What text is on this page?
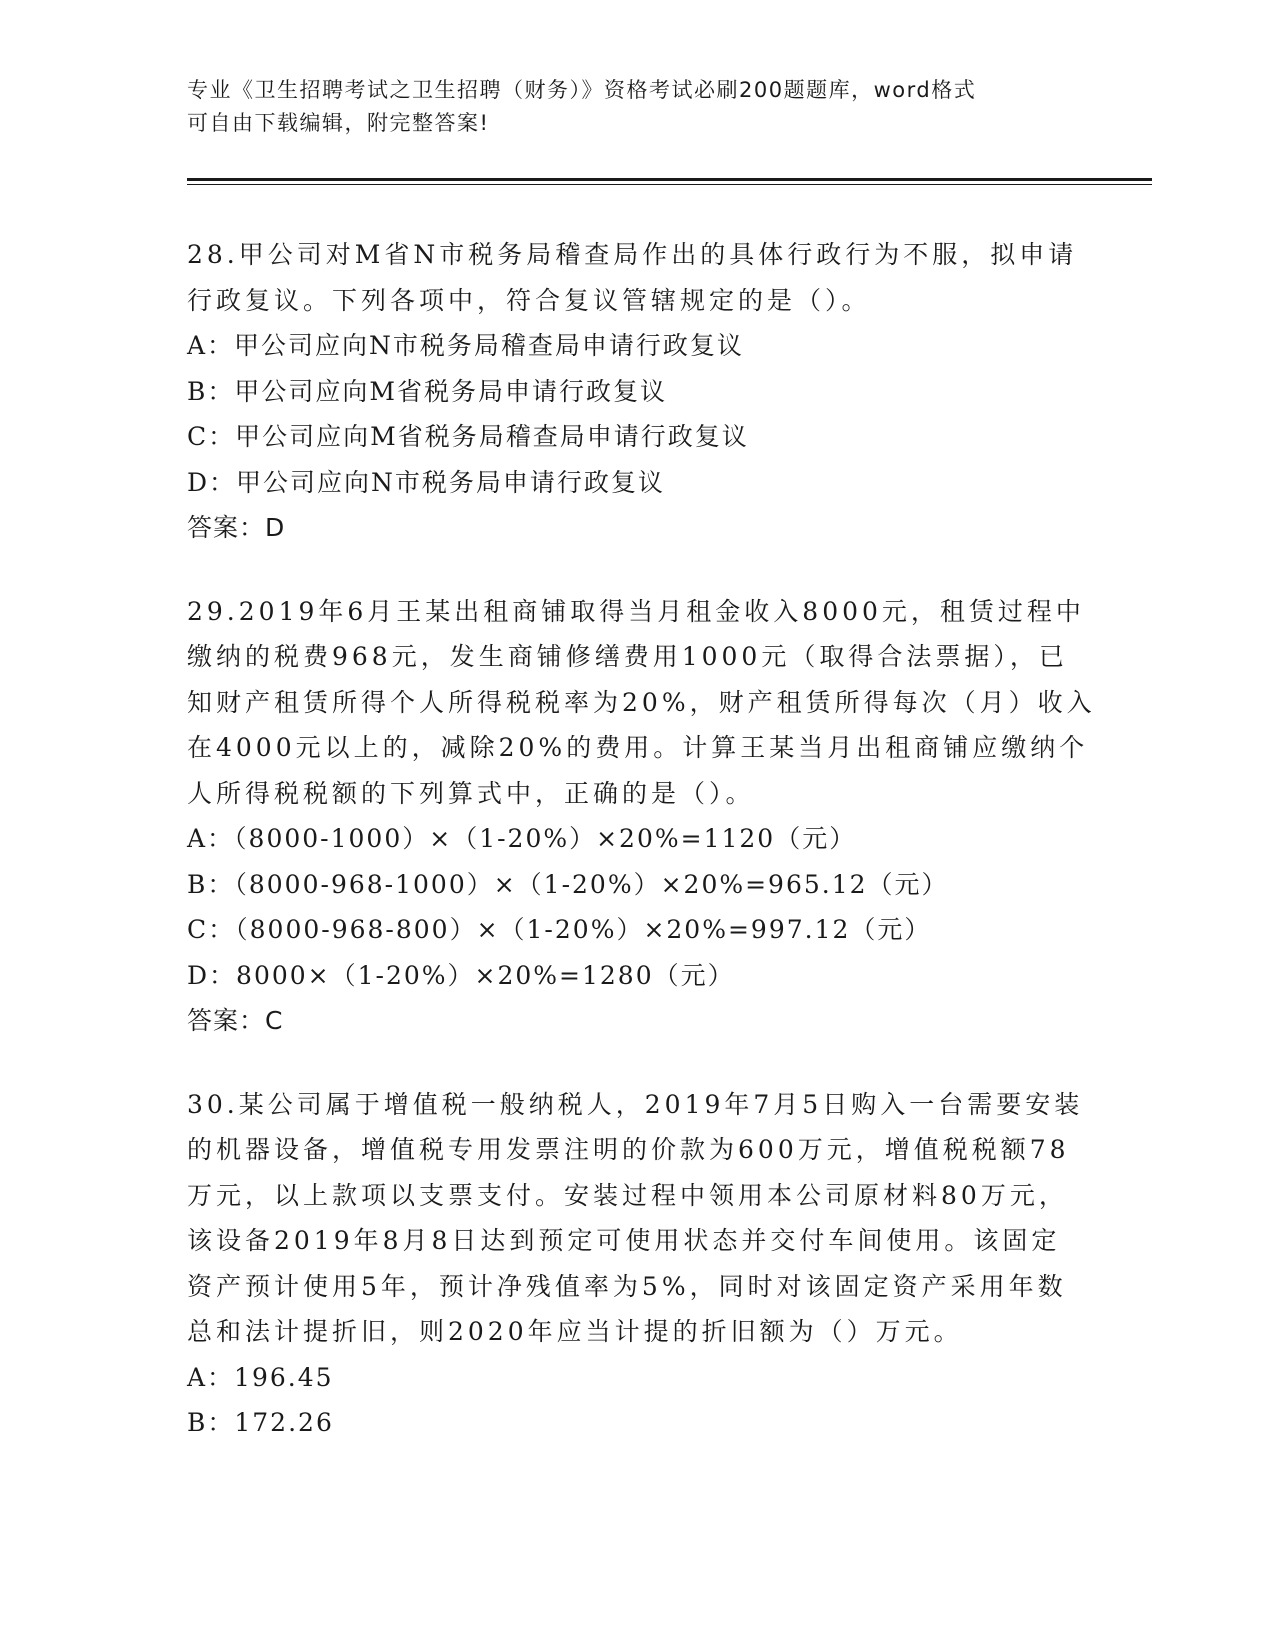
专业《卫生招聘考试之卫生招聘（财务）》资格考试必刷200题题库，word格式
可自由下载编辑，附完整答案!
28.甲公司对M省N市税务局稽查局作出的具体行政行为不服，拟申请
行政复议。下列各项中，符合复议管辖规定的是（）。
A：甲公司应向N市税务局稽查局申请行政复议
B：甲公司应向M省税务局申请行政复议
C：甲公司应向M省税务局稽查局申请行政复议
D：甲公司应向N市税务局申请行政复议
答案：D
29.2019年6月王某出租商铺取得当月租金收入8000元，租赁过程中
缴纳的税费968元，发生商铺修缮费用1000元（取得合法票据），已
知财产租赁所得个人所得税税率为20%，财产租赁所得每次（月）收入
在4000元以上的，减除20%的费用。计算王某当月出租商铺应缴纳个
人所得税税额的下列算式中，正确的是（）。
A：（8000-1000）×（1-20%）×20%=1120（元）
B：（8000-968-1000）×（1-20%）×20%=965.12（元）
C：（8000-968-800）×（1-20%）×20%=997.12（元）
D：8000×（1-20%）×20%=1280（元）
答案：C
30.某公司属于增值税一般纳税人，2019年7月5日购入一台需要安装
的机器设备，增值税专用发票注明的价款为600万元，增值税税额78
万元，以上款项以支票支付。安装过程中领用本公司原材料80万元，
该设备2019年8月8日达到预定可使用状态并交付车间使用。该固定
资产预计使用5年，预计净残值率为5%，同时对该固定资产采用年数
总和法计提折旧，则2020年应当计提的折旧额为（）万元。
A：196.45
B：172.26
